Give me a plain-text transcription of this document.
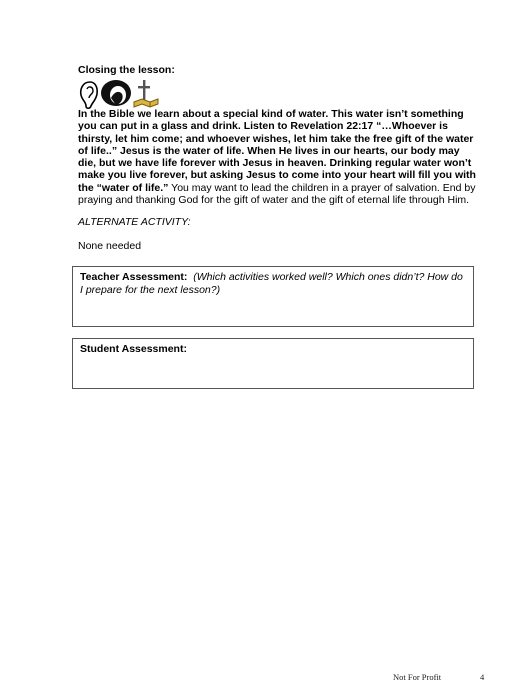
Closing the lesson:
In the Bible we learn about a special kind of water. This water isn’t something you can put in a glass and drink. Listen to Revelation 22:17 “…Whoever is thirsty, let him come; and whoever wishes, let him take the free gift of the water of life..” Jesus is the water of life. When He lives in our hearts, our body may die, but we have life forever with Jesus in heaven. Drinking regular water won’t make you live forever, but asking Jesus to come into your heart will fill you with the “water of life.” You may want to lead the children in a prayer of salvation. End by praying and thanking God for the gift of water and the gift of eternal life through Him.
ALTERNATE ACTIVITY:
None needed
Teacher Assessment: (Which activities worked well? Which ones didn’t? How do I prepare for the next lesson?)
Student Assessment:
Not For Profit	4
